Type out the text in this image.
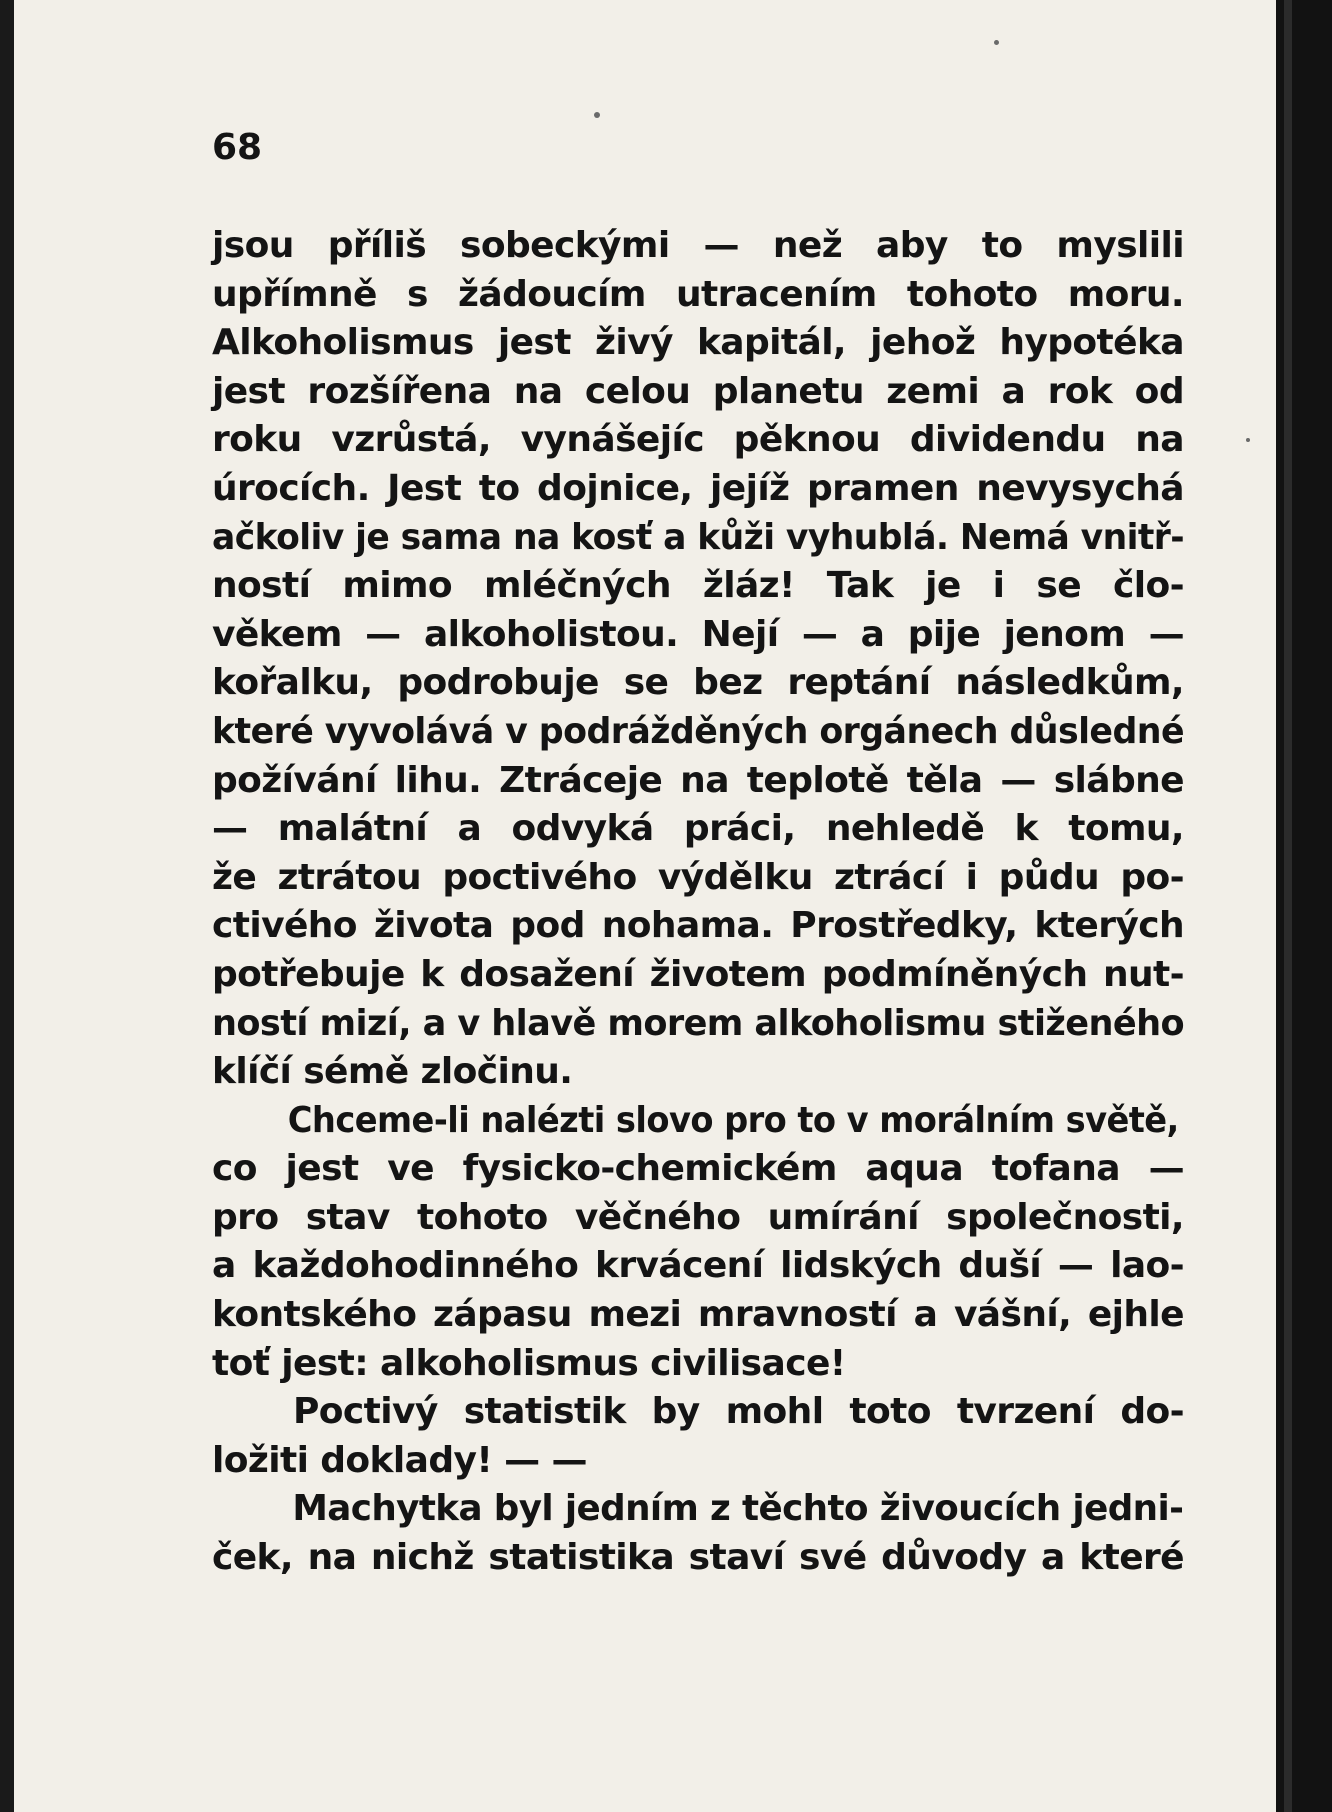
68

jsou příliš sobeckými — než aby to myslili
upřímně s žádoucím utracením tohoto moru.
Alkoholismus jest živý kapitál, jehož hypotéka
jest rozšířena na celou planetu zemi a rok od
roku vzrůstá, vynášejíc pěknou dividendu na
úrocích. Jest to dojnice, jejíž pramen nevysychá
ačkoliv je sama na kosť a kůži vyhublá. Nemá vnitř-
ností mimo mléčných žláz! Tak je i se člo-
věkem — alkoholistou. Nejí — a pije jenom —
kořalku, podrobuje se bez reptání následkům,
které vyvolává v podrážděných orgánech důsledné
požívání lihu. Ztráceje na teplotě těla — slábne
— malátní a odvyká práci, nehledě k tomu,
že ztrátou poctivého výdělku ztrácí i půdu po-
ctivého života pod nohama. Prostředky, kterých
potřebuje k dosažení životem podmíněných nut-
ností mizí, a v hlavě morem alkoholismu stiženého
klíčí sémě zločinu.
Chceme-li nalézti slovo pro to v morálním světě,
co jest ve fysicko-chemickém aqua tofana —
pro stav tohoto věčného umírání společnosti,
a každohodinného krvácení lidských duší — lao-
kontského zápasu mezi mravností a vášní, ejhle
toť jest: alkoholismus civilisace!
Poctivý statistik by mohl toto tvrzení do-
ložiti doklady! — —
Machytka byl jedním z těchto živoucích jedni-
ček, na nichž statistika staví své důvody a které
